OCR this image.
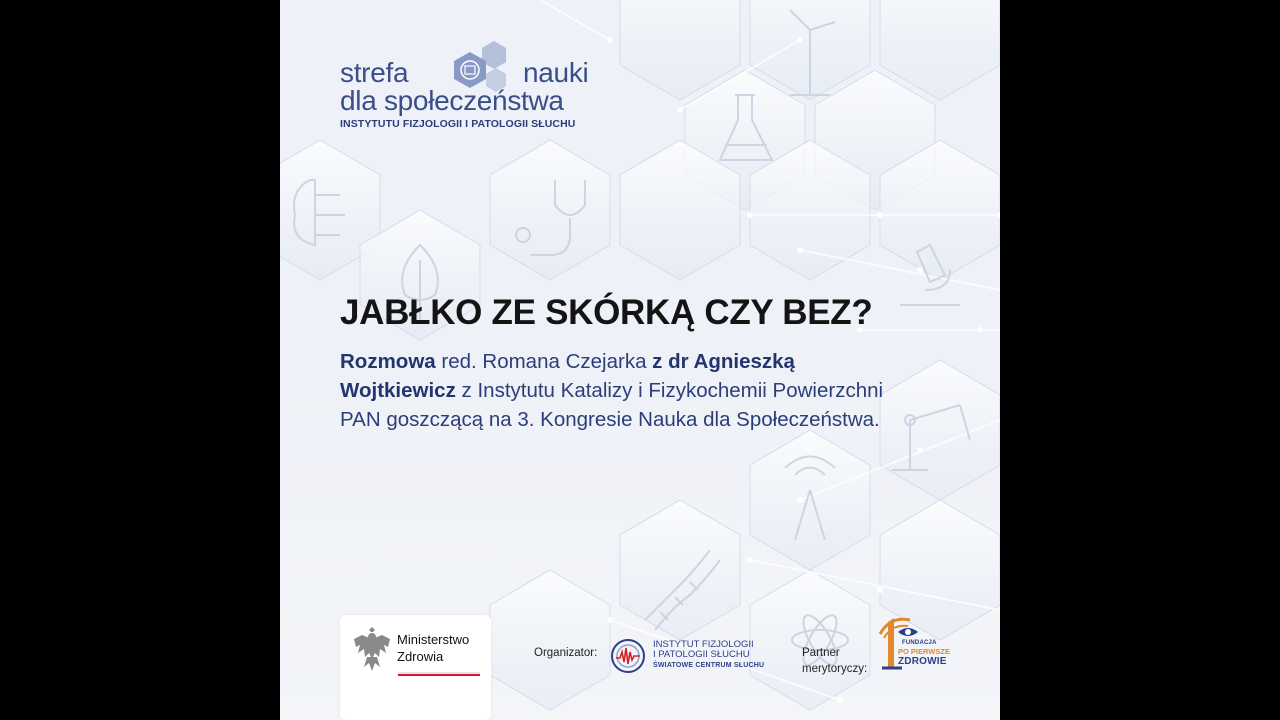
strefa	nauki
dla społeczeństwa
INSTYTUTU FIZJOLOGII I PATOLOGII SŁUCHU
JABŁKO ZE SKÓRKĄ CZY BEZ?

Rozmowa red. Romana Czejarka z dr Agnieszką Wojtkiewicz z Instytutu Katalizy i Fizykochemii Powierzchni PAN goszczącą na 3. Kongresie Nauka dla Społeczeństwa.

Ministerstwo
Zdrowia	Organizator:
INSTYTUT FIZJOLOGII
I PATOLOGII SŁUCHU
ŚWIATOWE CENTRUM SŁUCHU
Partner
merytoryczy:
FUNDACJA
PO PIERWSZE
ZDROWIE
